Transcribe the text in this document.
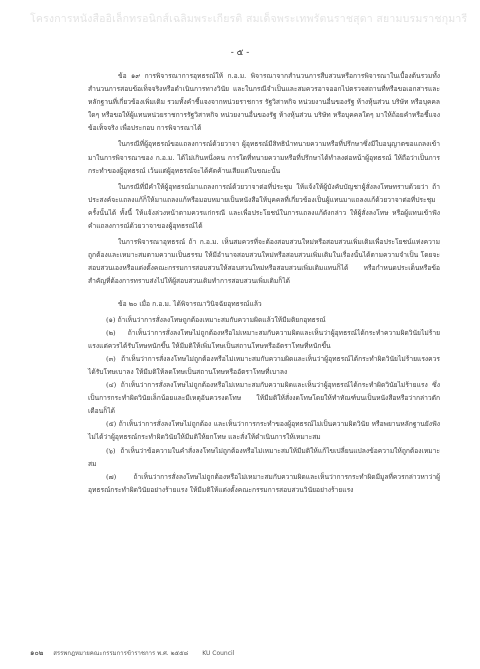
โครงการหนังสืออิเล็กทรอนิกส์เฉลิมพระเกียรติ สมเด็จพระเทพรัตนราชสุดา สยามบรมราชกุมารี
- ๕ -

ข้อ ๑๙ การพิจารณาการอุทธรณ์ให้ ก.อ.ม. พิจารณาจากสำนวนการสืบสวนหรือการพิจารณาในเบื้องต้นรวมทั้งสำนวนการสอบข้อเท็จจริงหรือดำเนินการทางวินัย และในกรณีจำเป็นและสมควรอาจออกไปตรวจสถานที่หรือขอเอกสารและหลักฐานที่เกี่ยวข้องเพิ่มเติม รวมทั้งคำชี้แจงจากหน่วยราชการ รัฐวิสาหกิจ หน่วยงานอื่นของรัฐ ห้างหุ้นส่วน บริษัท หรือบุคคลใดๆ หรือขอให้ผู้แทนหน่วยราชการรัฐวิสาหกิจ หน่วยงานอื่นของรัฐ ห้างหุ้นส่วน บริษัท หรือบุคคลใดๆ มาให้ถ้อยคำหรือชี้แจงข้อเท็จจริง เพื่อประกอบ การพิจารณาได้

ในกรณีที่ผู้อุทธรณ์ขอแถลงการณ์ด้วยวาจา ผู้อุทธรณ์มีสิทธินำทนายความหรือที่ปรึกษาซึ่งมีใบอนุญาตขอแถลงเข้ามาในการพิจารณาของ ก.อ.ม. ได้ไม่เกินหนึ่งคน การใดที่ทนายความหรือที่ปรึกษาได้ทำลงต่อหน้าผู้อุทธรณ์ ให้ถือว่าเป็นการกระทำของผู้อุทธรณ์ เว้นแต่ผู้อุทธรณ์จะได้คัดค้านเสียแต่ในขณะนั้น

ในกรณีที่มีคำให้ผู้อุทธรณ์มาแถลงการณ์ด้วยวาจาต่อที่ประชุม ให้แจ้งให้ผู้บังคับบัญชาผู้สั่งลงโทษทราบด้วยว่า ถ้าประสงค์จะแถลงแก้ก็ให้มาแถลงแก้หรือมอบหมายเป็นหนังสือให้บุคคลที่เกี่ยวข้องเป็นผู้แทนมาแถลงแก้ด้วยวาจาต่อที่ประชุมครั้งนั้นได้ ทั้งนี้ ให้แจ้งล่วงหน้าตามควรแก่กรณี และเพื่อประโยชน์ในการแถลงแก้ดังกล่าว ให้ผู้สั่งลงโทษ หรือผู้แทนเข้าฟังคำแถลงการณ์ด้วยวาจาของผู้อุทธรณ์ได้

ในการพิจารณาอุทธรณ์ ถ้า ก.อ.ม. เห็นสมควรที่จะต้องสอบสวนใหม่หรือสอบสวนเพิ่มเติมเพื่อประโยชน์แห่งความถูกต้องและเหมาะสมตามความเป็นธรรม ให้มีอำนาจสอบสวนใหม่หรือสอบสวนเพิ่มเติมในเรื่องนั้นได้ตามความจำเป็น โดยจะสอบสวนเองหรือแต่งตั้งคณะกรรมการสอบสวนให้สอบสวนใหม่หรือสอบสวนเพิ่มเติมแทนก็ได้ หรือกำหนดประเด็นหรือข้อสำคัญที่ต้องการทราบส่งไปให้ผู้สอบสวนเดิมทำการสอบสวนเพิ่มเติมก็ได้

ข้อ ๒๐ เมื่อ ก.อ.ม. ได้พิจารณาวินิจฉัยอุทธรณ์แล้ว

(๑) ถ้าเห็นว่าการสั่งลงโทษถูกต้องเหมาะสมกับความผิดแล้วให้มีมติยกอุทธรณ์

(๒) ถ้าเห็นว่าการสั่งลงโทษไม่ถูกต้องหรือไม่เหมาะสมกับความผิดและเห็นว่าผู้อุทธรณ์ได้กระทำความผิดวินัยไม่ร้ายแรงแต่ควรได้รับโทษหนักขึ้น ให้มีมติให้เพิ่มโทษเป็นสถานโทษหรืออัตราโทษที่หนักขึ้น

(๓) ถ้าเห็นว่าการสั่งลงโทษไม่ถูกต้องหรือไม่เหมาะสมกับความผิดและเห็นว่าผู้อุทธรณ์ได้กระทำผิดวินัยไม่ร้ายแรงควรได้รับโทษเบาลง ให้มีมติให้ลดโทษเป็นสถานโทษหรืออัตราโทษที่เบาลง

(๔) ถ้าเห็นว่าการสั่งลงโทษไม่ถูกต้องหรือไม่เหมาะสมกับความผิดและเห็นว่าผู้อุทธรณ์ได้กระทำผิดวินัยไม่ร้ายแรง ซึ่งเป็นการกระทำผิดวินัยเล็กน้อยและมีเหตุอันควรงดโทษ ให้มีมติให้สั่งงดโทษโดยให้ทำทัณฑ์บนเป็นหนังสือหรือว่ากล่าวตักเตือนก็ได้

(๕) ถ้าเห็นว่าการสั่งลงโทษไม่ถูกต้อง และเห็นว่าการกระทำของผู้อุทธรณ์ไม่เป็นความผิดวินัย หรือพยานหลักฐานยังฟังไม่ได้ว่าผู้อุทธรณ์กระทำผิดวินัยให้มีมติให้ยกโทษ และสั่งให้ดำเนินการให้เหมาะสม

(๖) ถ้าเห็นว่าข้อความในคำสั่งลงโทษไม่ถูกต้องหรือไม่เหมาะสมให้มีมติให้แก้ไขเปลี่ยนแปลงข้อความให้ถูกต้องเหมาะสม

(๗) ถ้าเห็นว่าการสั่งลงโทษไม่ถูกต้องหรือไม่เหมาะสมกับความผิดและเห็นว่าการกระทำผิดมีมูลที่ควรกล่าวหาว่าผู้อุทธรณ์กระทำผิดวินัยอย่างร้ายแรง ให้มีมติให้แต่งตั้งคณะกรรมการสอบสวนวินัยอย่างร้ายแรง

๑๐๒ สรรพกฎหมายคณะกรรมการข้าราชการ พ.ศ. ๒๕๕๘ KU Council
